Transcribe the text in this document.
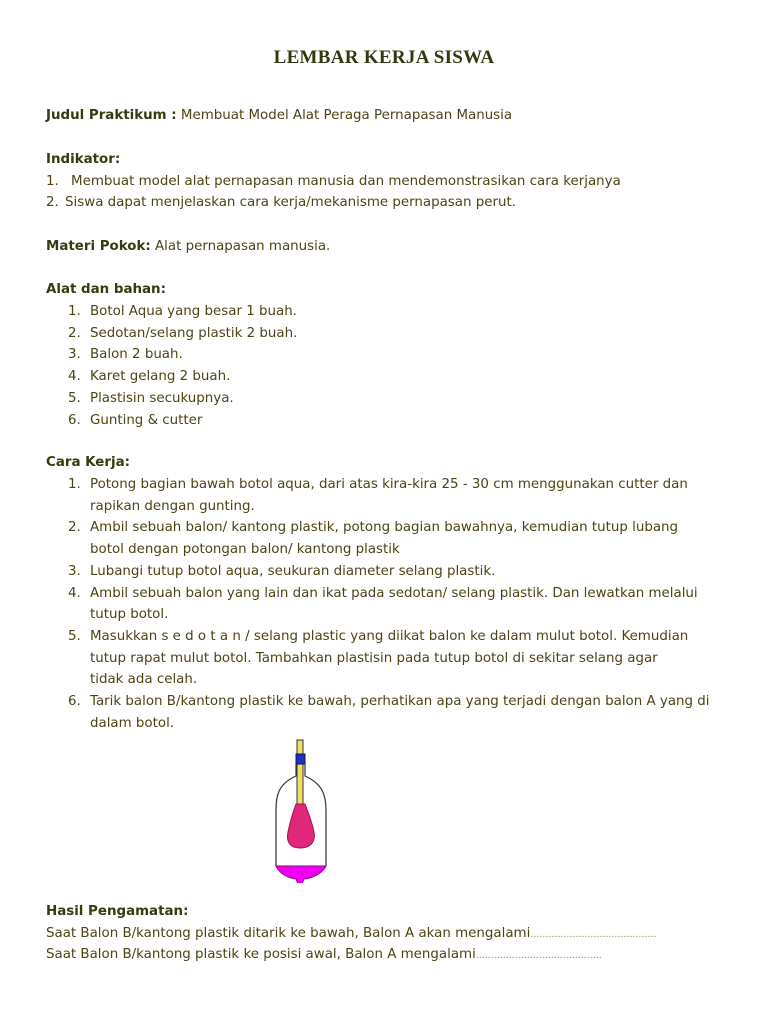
LEMBAR KERJA SISWA
Judul Praktikum : Membuat Model Alat Peraga Pernapasan Manusia
Indikator:
1. Membuat model alat pernapasan manusia dan mendemonstrasikan cara kerjanya
2. Siswa dapat menjelaskan cara kerja/mekanisme pernapasan perut.
Materi Pokok: Alat pernapasan manusia.
Alat dan bahan:
1. Botol Aqua yang besar 1 buah.
2. Sedotan/selang plastik 2 buah.
3. Balon 2 buah.
4. Karet gelang 2 buah.
5. Plastisin secukupnya.
6. Gunting & cutter
Cara Kerja:
1. Potong bagian bawah botol aqua, dari atas kira-kira 25 - 30 cm menggunakan cutter dan
rapikan dengan gunting.
2. Ambil sebuah balon/ kantong plastik, potong bagian bawahnya, kemudian tutup lubang
botol dengan potongan balon/ kantong plastik
3. Lubangi tutup botol aqua, seukuran diameter selang plastik.
4. Ambil sebuah balon yang lain dan ikat pada sedotan/ selang plastik. Dan lewatkan melalui
tutup botol.
5. Masukkan s e d o t a n / selang plastic yang diikat balon ke dalam mulut botol. Kemudian
tutup rapat mulut botol. Tambahkan plastisin pada tutup botol di sekitar selang agar
tidak ada celah.
6. Tarik balon B/kantong plastik ke bawah, perhatikan apa yang terjadi dengan balon A yang di
dalam botol.
Hasil Pengamatan:
Saat Balon B/kantong plastik ditarik ke bawah, Balon A akan mengalami……………………………………
Saat Balon B/kantong plastik ke posisi awal, Balon A mengalami……………………………………
